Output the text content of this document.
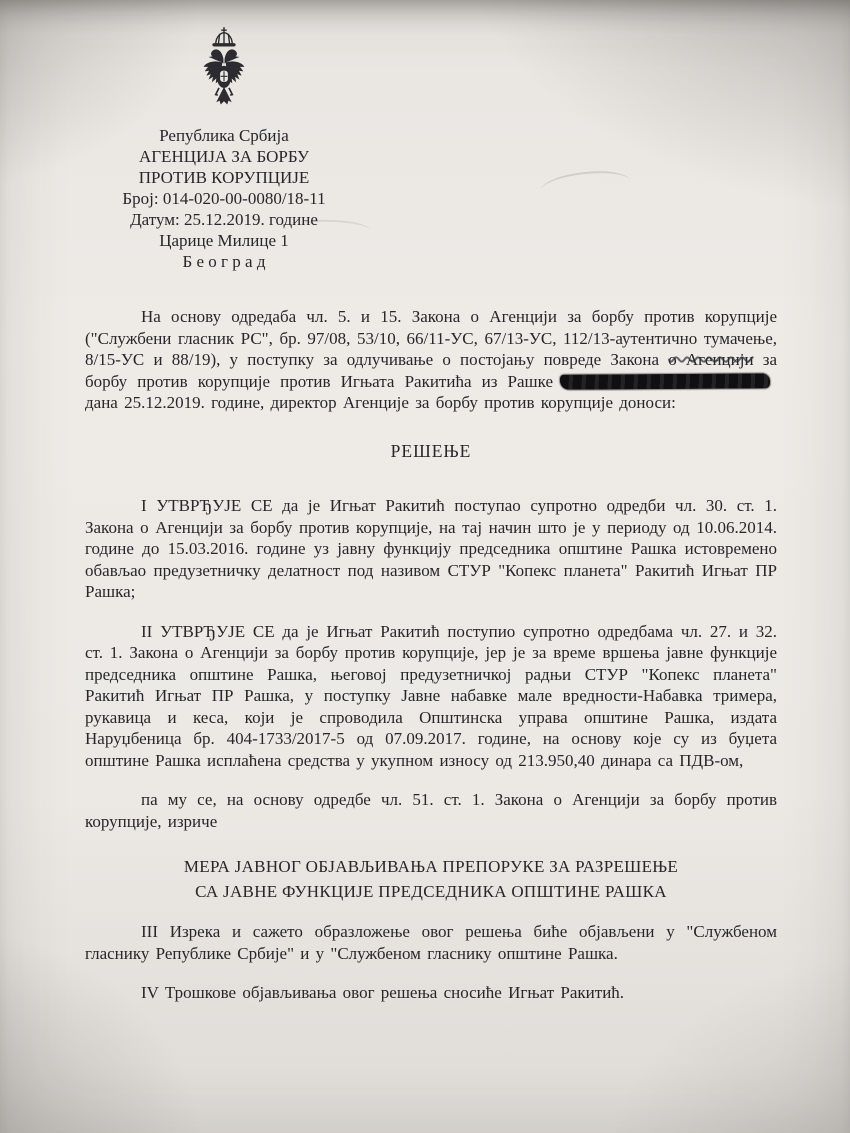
Република Србија
АГЕНЦИЈА ЗА БОРБУ
ПРОТИВ КОРУПЦИЈЕ
Број: 014-020-00-0080/18-11
Датум: 25.12.2019. године
Царице Милице 1
Б е о г р а д

На основу одредаба чл. 5. и 15. Закона о Агенцији за борбу против корупције ("Службени гласник РС", бр. 97/08, 53/10, 66/11-УС, 67/13-УС, 112/13-аутентично тумачење, 8/15-УС и 88/19), у поступку за одлучивање о постојању повреде Закона о Агенцији за борбу против корупције против Игњата Ракитића из Рашкедана 25.12.2019. године, директор Агенције за борбу против корупције доноси:

РЕШЕЊЕ

I УТВРЂУЈЕ СЕ да је Игњат Ракитић поступао супротно одредби чл. 30. ст. 1. Закона о Агенцији за борбу против корупције, на тај начин што је у периоду од 10.06.2014. године до 15.03.2016. године уз јавну функцију председника општине Рашка истовремено обављао предузетничку делатност под називом СТУР "Копекс планета" Ракитић Игњат ПР Рашка;

II УТВРЂУЈЕ СЕ да је Игњат Ракитић поступио супротно одредбама чл. 27. и 32. ст. 1. Закона о Агенцији за борбу против корупције, јер је за време вршења јавне функције председника општине Рашка, његовој предузетничкој радњи СТУР "Копекс планета" Ракитић Игњат ПР Рашка, у поступку Јавне набавке мале вредности-Набавка тримера, рукавица и кеса, који је спроводила Општинска управа општине Рашка, издата Наруџбеница бр. 404-1733/2017-5 од 07.09.2017. године, на основу које су из буџета општине Рашка исплаћена средства у укупном износу од 213.950,40 динара са ПДВ-ом,

па му се, на основу одредбе чл. 51. ст. 1. Закона о Агенцији за борбу против корупције, изриче

МЕРА ЈАВНОГ ОБЈАВЉИВАЊА ПРЕПОРУКЕ ЗА РАЗРЕШЕЊЕ
СА ЈАВНЕ ФУНКЦИЈЕ ПРЕДСЕДНИКА ОПШТИНЕ РАШКА

III Изрека и сажето образложење овог решења биће објављени у "Службеном гласнику Републике Србије" и у "Службеном гласнику општине Рашка.

IV Трошкове објављивања овог решења сносиће Игњат Ракитић.
